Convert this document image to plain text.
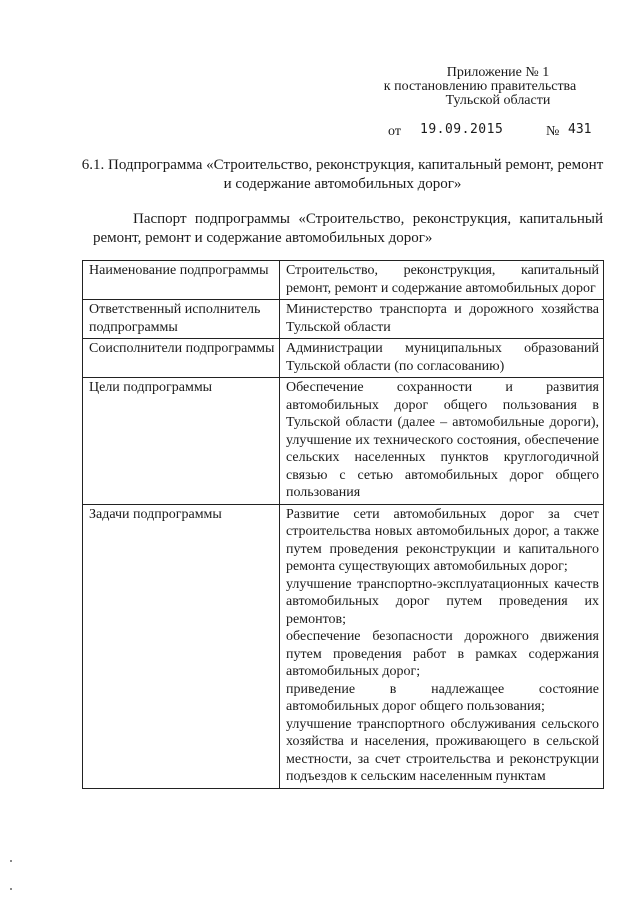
Приложение № 1
к постановлению правительства
Тульской области
от 19.09.2015	№ 431
6.1. Подпрограмма «Строительство, реконструкция, капитальный ремонт, ремонт и содержание автомобильных дорог»
Паспорт подпрограммы «Строительство, реконструкция, капитальный ремонт, ремонт и содержание автомобильных дорог»
Наименование подпрограммы	Строительство, реконструкция, капитальный ремонт, ремонт и содержание автомобильных дорог

Ответственный исполнитель подпрограммы	Министерство транспорта и дорожного хозяйства Тульской области

Соисполнители подпрограммы	Администрации муниципальных образований Тульской области (по согласованию)

Цели подпрограммы	Обеспечение сохранности и развития автомобильных дорог общего пользования в Тульской области (далее – автомобильные дороги), улучшение их технического состояния, обеспечение сельских населенных пунктов круглогодичной связью с сетью автомобильных дорог общего пользования

Задачи подпрограммы	Развитие сети автомобильных дорог за счет строительства новых автомобильных дорог, а также путем проведения реконструкции и капитального ремонта существующих автомобильных дорог;
улучшение транспортно-эксплуатационных качеств автомобильных дорог путем проведения их ремонтов;
обеспечение безопасности дорожного движения путем проведения работ в рамках содержания автомобильных дорог;
приведение в надлежащее состояние автомобильных дорог общего пользования;
улучшение транспортного обслуживания сельского хозяйства и населения, проживающего в сельской местности, за счет строительства и реконструкции подъездов к сельским населенным пунктам
